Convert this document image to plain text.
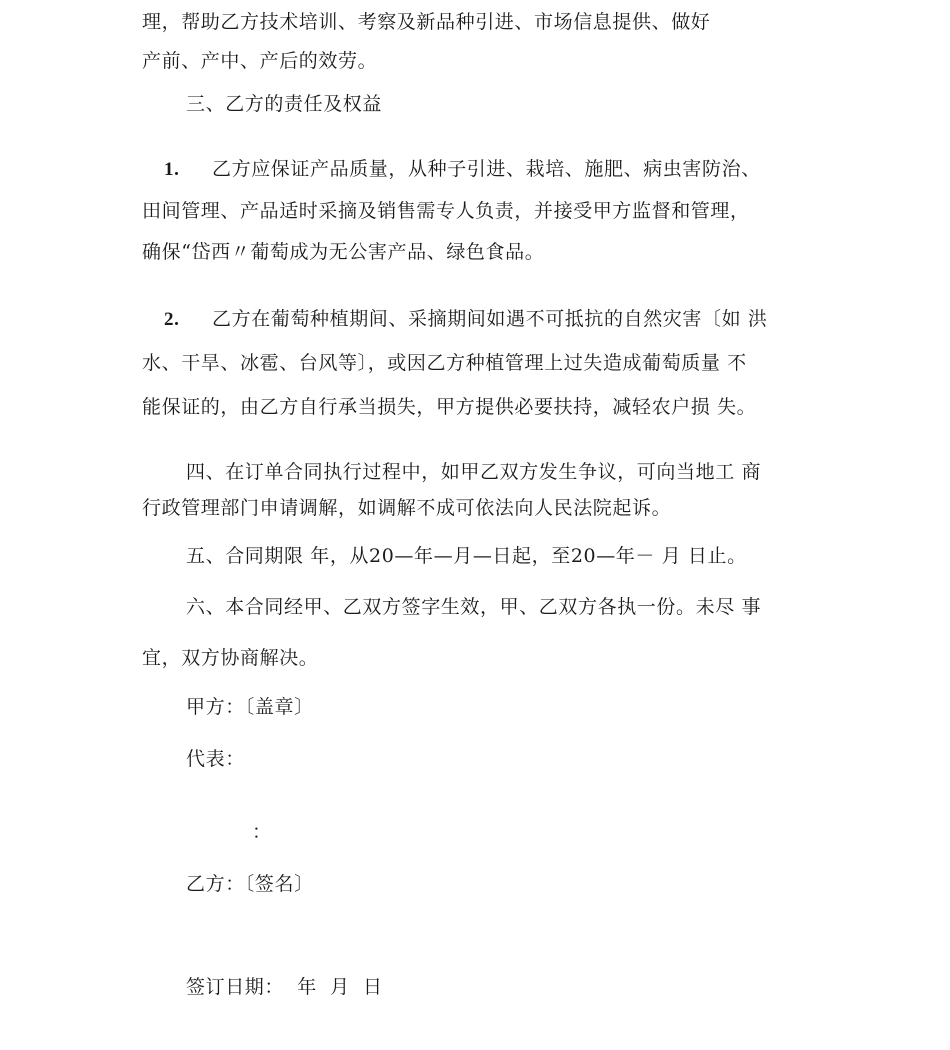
理，帮助乙方技术培训、考察及新品种引进、市场信息提供、做好
产前、产中、产后的效劳。
三、乙方的责任及权益
1. 乙方应保证产品质量，从种子引进、栽培、施肥、病虫害防治、
田间管理、产品适时采摘及销售需专人负责，并接受甲方监督和管理，
确保“岱西〃葡萄成为无公害产品、绿色食品。
2. 乙方在葡萄种植期间、采摘期间如遇不可抵抗的自然灾害〔如 洪
水、干旱、冰雹、台风等〕，或因乙方种植管理上过失造成葡萄质量 不
能保证的，由乙方自行承当损失，甲方提供必要扶持，减轻农户损 失。
四、在订单合同执行过程中，如甲乙双方发生争议，可向当地工 商
行政管理部门申请调解，如调解不成可依法向人民法院起诉。
五、合同期限 年，从20—年—月—日起，至20—年－ 月 日止。
六、本合同经甲、乙双方签字生效，甲、乙双方各执一份。未尽 事
宜，双方协商解决。
甲方：〔盖章〕
代表：
：
乙方：〔签名〕
签订日期：  年  月  日
